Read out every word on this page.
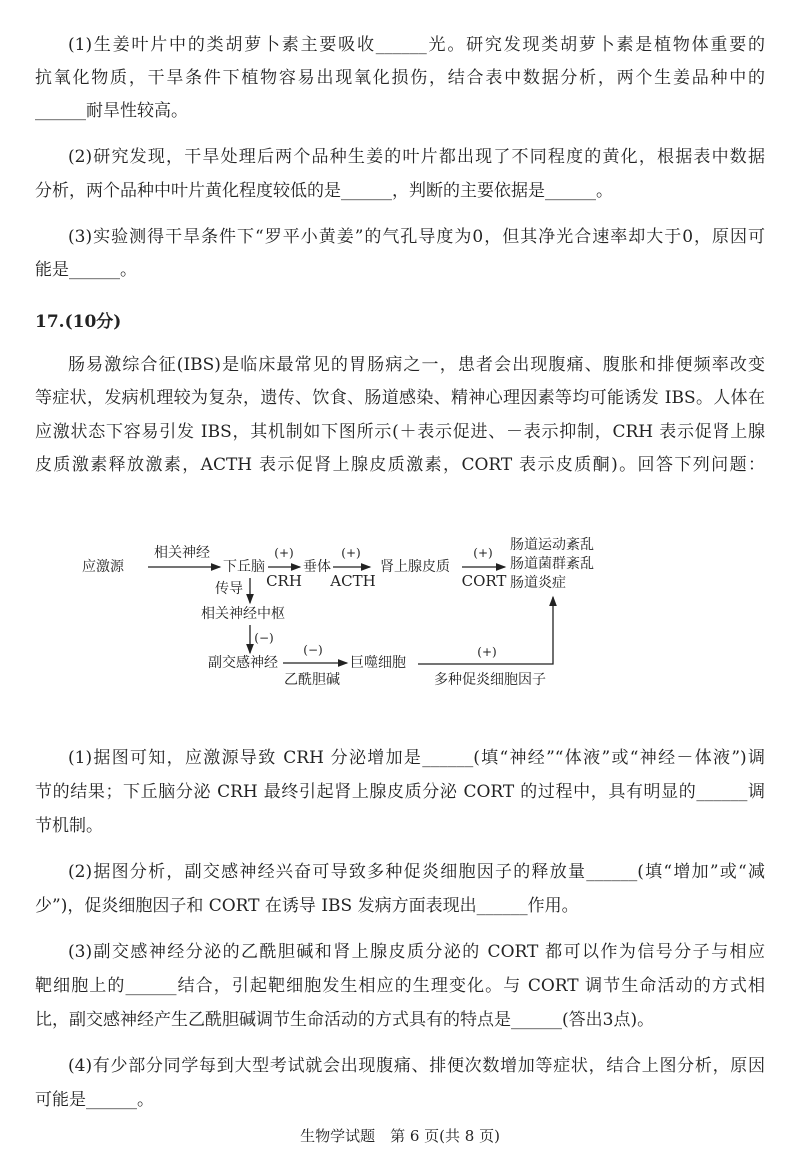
(1)生姜叶片中的类胡萝卜素主要吸收______光。研究发现类胡萝卜素是植物体重要的
抗氧化物质，干旱条件下植物容易出现氧化损伤，结合表中数据分析，两个生姜品种中的
______耐旱性较高。
(2)研究发现，干旱处理后两个品种生姜的叶片都出现了不同程度的黄化，根据表中数据
分析，两个品种中叶片黄化程度较低的是______，判断的主要依据是______。
(3)实验测得干旱条件下“罗平小黄姜”的气孔导度为0，但其净光合速率却大于0，原因可
能是______。
17.(10分)
肠易激综合征(IBS)是临床最常见的胃肠病之一，患者会出现腹痛、腹胀和排便频率改变
等症状，发病机理较为复杂，遗传、饮食、肠道感染、精神心理因素等均可能诱发 IBS。人体在
应激状态下容易引发 IBS，其机制如下图所示(＋表示促进、－表示抑制，CRH 表示促肾上腺
皮质激素释放激素，ACTH 表示促肾上腺皮质激素，CORT 表示皮质酮)。回答下列问题：
应激源
相关神经
下丘脑
(+)
CRH
垂体
(+)
ACTH
肾上腺皮质
(+)
CORT
肠道运动紊乱
肠道菌群紊乱
肠道炎症
传导
相关神经中枢
(−)
副交感神经
(−)
乙酰胆碱
巨噬细胞
(+)
多种促炎细胞因子
(1)据图可知，应激源导致 CRH 分泌增加是______(填“神经”“体液”或“神经－体液”)调
节的结果；下丘脑分泌 CRH 最终引起肾上腺皮质分泌 CORT 的过程中，具有明显的______调
节机制。
(2)据图分析，副交感神经兴奋可导致多种促炎细胞因子的释放量______(填“增加”或“减
少”)，促炎细胞因子和 CORT 在诱导 IBS 发病方面表现出______作用。
(3)副交感神经分泌的乙酰胆碱和肾上腺皮质分泌的 CORT 都可以作为信号分子与相应
靶细胞上的______结合，引起靶细胞发生相应的生理变化。与 CORT 调节生命活动的方式相
比，副交感神经产生乙酰胆碱调节生命活动的方式具有的特点是______(答出3点)。
(4)有少部分同学每到大型考试就会出现腹痛、排便次数增加等症状，结合上图分析，原因
可能是______。
生物学试题　第 6 页(共 8 页)
